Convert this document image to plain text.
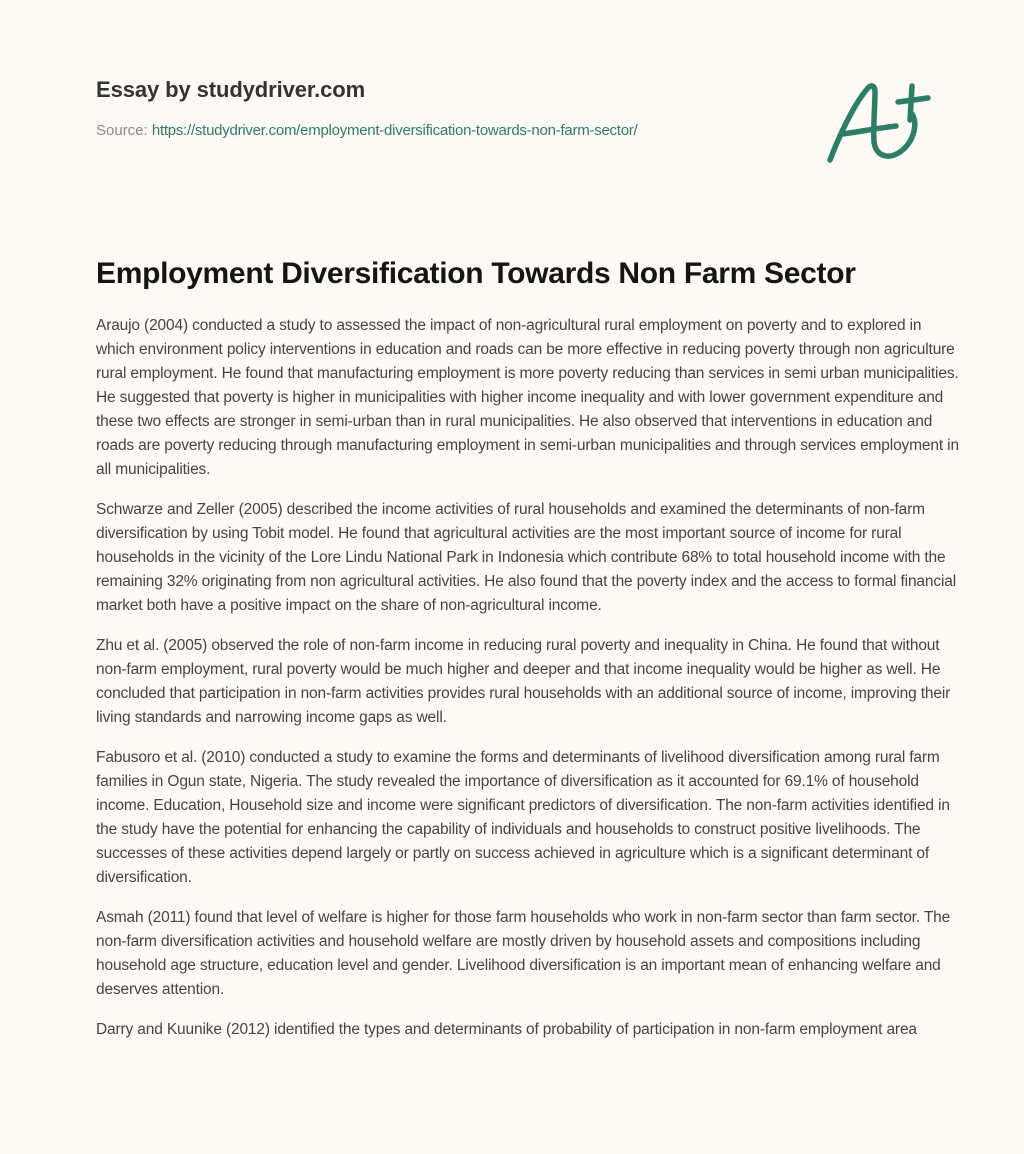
Essay by studydriver.com
Source: https://studydriver.com/employment-diversification-towards-non-farm-sector/
Employment Diversification Towards Non Farm Sector

Araujo (2004) conducted a study to assessed the impact of non-agricultural rural employment on poverty and to explored in which environment policy interventions in education and roads can be more effective in reducing poverty through non agriculture rural employment. He found that manufacturing employment is more poverty reducing than services in semi urban municipalities. He suggested that poverty is higher in municipalities with higher income inequality and with lower government expenditure and these two effects are stronger in semi-urban than in rural municipalities. He also observed that interventions in education and roads are poverty reducing through manufacturing employment in semi-urban municipalities and through services employment in all municipalities.

Schwarze and Zeller (2005) described the income activities of rural households and examined the determinants of non-farm diversification by using Tobit model. He found that agricultural activities are the most important source of income for rural households in the vicinity of the Lore Lindu National Park in Indonesia which contribute 68% to total household income with the remaining 32% originating from non agricultural activities. He also found that the poverty index and the access to formal financial market both have a positive impact on the share of non-agricultural income.

Zhu et al. (2005) observed the role of non-farm income in reducing rural poverty and inequality in China. He found that without non-farm employment, rural poverty would be much higher and deeper and that income inequality would be higher as well. He concluded that participation in non-farm activities provides rural households with an additional source of income, improving their living standards and narrowing income gaps as well.

Fabusoro et al. (2010) conducted a study to examine the forms and determinants of livelihood diversification among rural farm families in Ogun state, Nigeria. The study revealed the importance of diversification as it accounted for 69.1% of household income. Education, Household size and income were significant predictors of diversification. The non-farm activities identified in the study have the potential for enhancing the capability of individuals and households to construct positive livelihoods. The successes of these activities depend largely or partly on success achieved in agriculture which is a significant determinant of diversification.

Asmah (2011) found that level of welfare is higher for those farm households who work in non-farm sector than farm sector. The non-farm diversification activities and household welfare are mostly driven by household assets and compositions including household age structure, education level and gender. Livelihood diversification is an important mean of enhancing welfare and deserves attention.

Darry and Kuunike (2012) identified the types and determinants of probability of participation in non-farm employment area
